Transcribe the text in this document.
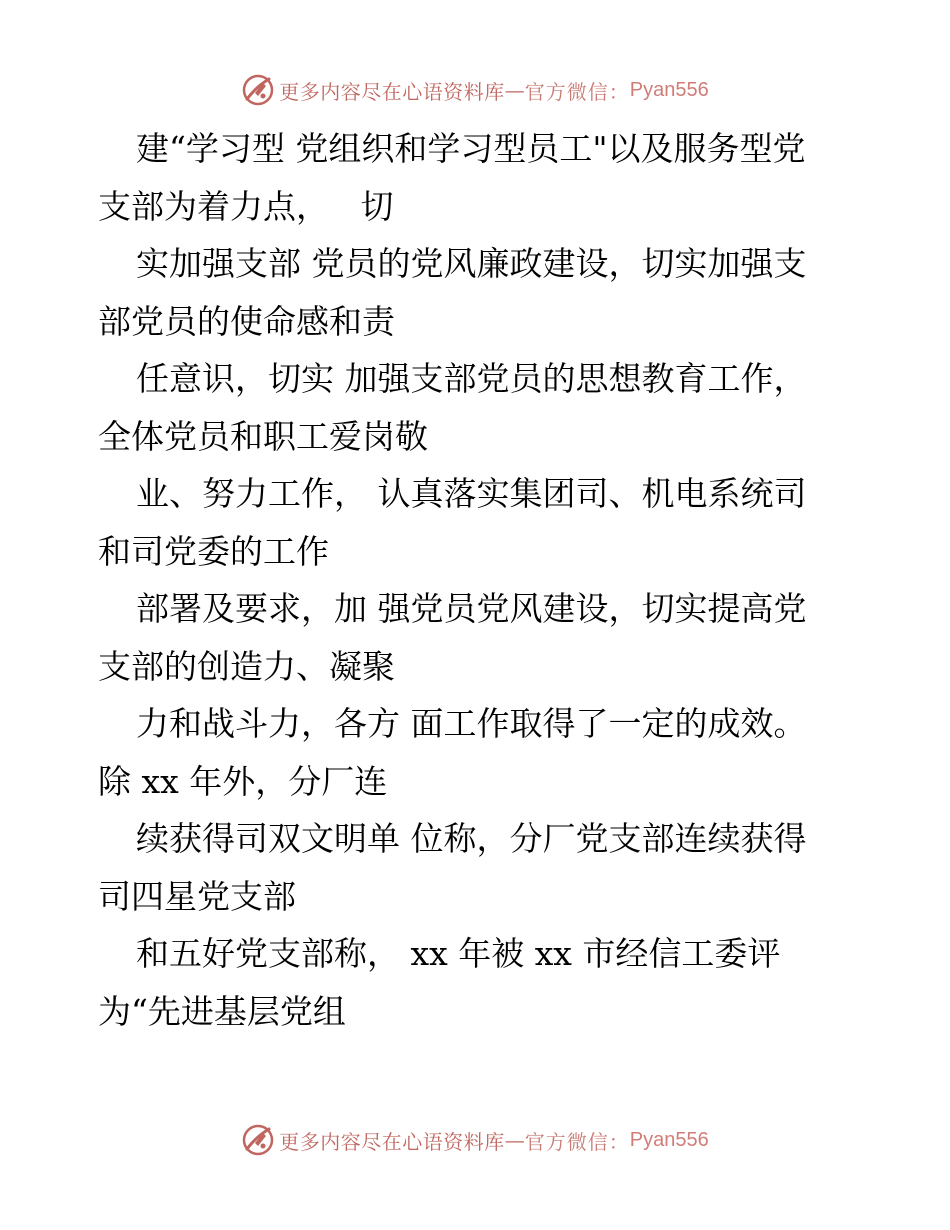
更多内容尽在心语资料库 — 官方微信： Pyan556
建“学习型 党组织和学习型员工"以及服务型党
支部为着力点，   切
实加强支部 党员的党风廉政建设，切实加强支
部党员的使命感和责
任意识，切实 加强支部党员的思想教育工作，
全体党员和职工爱岗敬
业、努力工作， 认真落实集团司、机电系统司
和司党委的工作
部署及要求，加 强党员党风建设，切实提高党
支部的创造力、凝聚
力和战斗力，各方 面工作取得了一定的成效。
除 xx 年外，分厂连
续获得司双文明单 位称，分厂党支部连续获得
司四星党支部
和五好党支部称， xx 年被 xx 市经信工委评
为“先进基层党组
更多内容尽在心语资料库 — 官方微信： Pyan556
